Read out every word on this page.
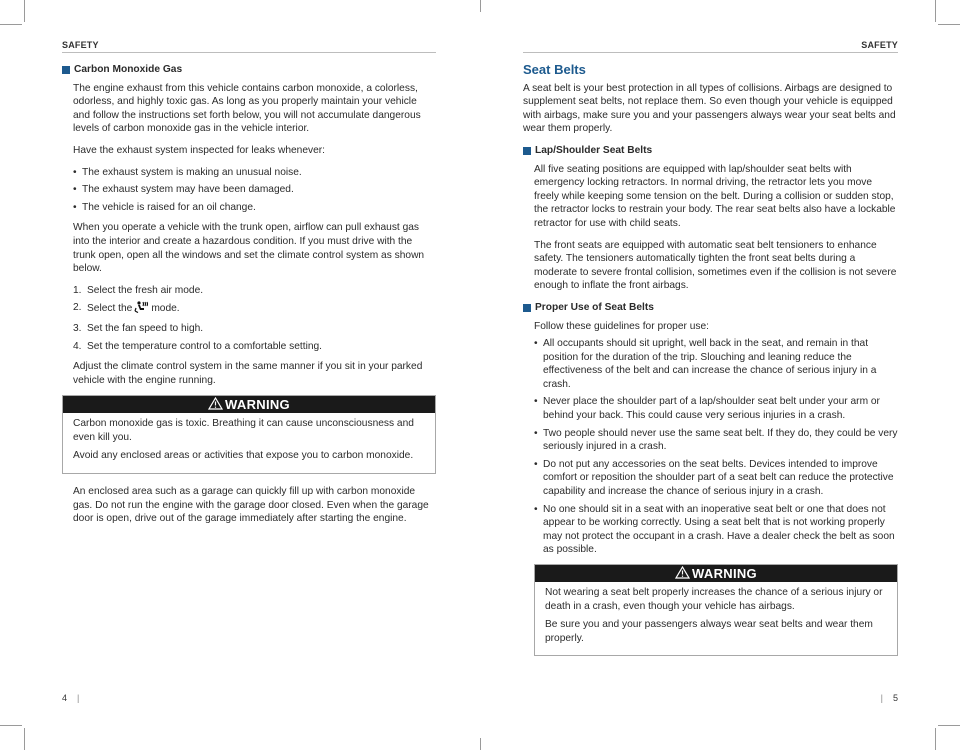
SAFETY
Carbon Monoxide Gas

The engine exhaust from this vehicle contains carbon monoxide, a colorless, odorless, and highly toxic gas. As long as you properly maintain your vehicle and follow the instructions set forth below, you will not accumulate dangerous levels of carbon monoxide gas in the vehicle interior.

Have the exhaust system inspected for leaks whenever:

• The exhaust system is making an unusual noise.
• The exhaust system may have been damaged.
• The vehicle is raised for an oil change.

When you operate a vehicle with the trunk open, airflow can pull exhaust gas into the interior and create a hazardous condition. If you must drive with the trunk open, open all the windows and set the climate control system as shown below.

1. Select the fresh air mode.
2. Select the mode.
3. Set the fan speed to high.
4. Set the temperature control to a comfortable setting.

Adjust the climate control system in the same manner if you sit in your parked vehicle with the engine running.

WARNING

Carbon monoxide gas is toxic. Breathing it can cause unconsciousness and even kill you.

Avoid any enclosed areas or activities that expose you to carbon monoxide.

An enclosed area such as a garage can quickly fill up with carbon monoxide gas. Do not run the engine with the garage door closed. Even when the garage door is open, drive out of the garage immediately after starting the engine.

4 |
SAFETY
Seat Belts

A seat belt is your best protection in all types of collisions. Airbags are designed to supplement seat belts, not replace them. So even though your vehicle is equipped with airbags, make sure you and your passengers always wear your seat belts and wear them properly.

Lap/Shoulder Seat Belts

All five seating positions are equipped with lap/shoulder seat belts with emergency locking retractors. In normal driving, the retractor lets you move freely while keeping some tension on the belt. During a collision or sudden stop, the retractor locks to restrain your body. The rear seat belts also have a lockable retractor for use with child seats.

The front seats are equipped with automatic seat belt tensioners to enhance safety. The tensioners automatically tighten the front seat belts during a moderate to severe frontal collision, sometimes even if the collision is not severe enough to inflate the front airbags.

Proper Use of Seat Belts

Follow these guidelines for proper use:

• All occupants should sit upright, well back in the seat, and remain in that position for the duration of the trip. Slouching and leaning reduce the effectiveness of the belt and can increase the chance of serious injury in a crash.
• Never place the shoulder part of a lap/shoulder seat belt under your arm or behind your back. This could cause very serious injuries in a crash.
• Two people should never use the same seat belt. If they do, they could be very seriously injured in a crash.
• Do not put any accessories on the seat belts. Devices intended to improve comfort or reposition the shoulder part of a seat belt can reduce the protective capability and increase the chance of serious injury in a crash.
• No one should sit in a seat with an inoperative seat belt or one that does not appear to be working correctly. Using a seat belt that is not working properly may not protect the occupant in a crash. Have a dealer check the belt as soon as possible.
WARNING

Not wearing a seat belt properly increases the chance of a serious injury or death in a crash, even though your vehicle has airbags.

Be sure you and your passengers always wear seat belts and wear them properly.

| 5
